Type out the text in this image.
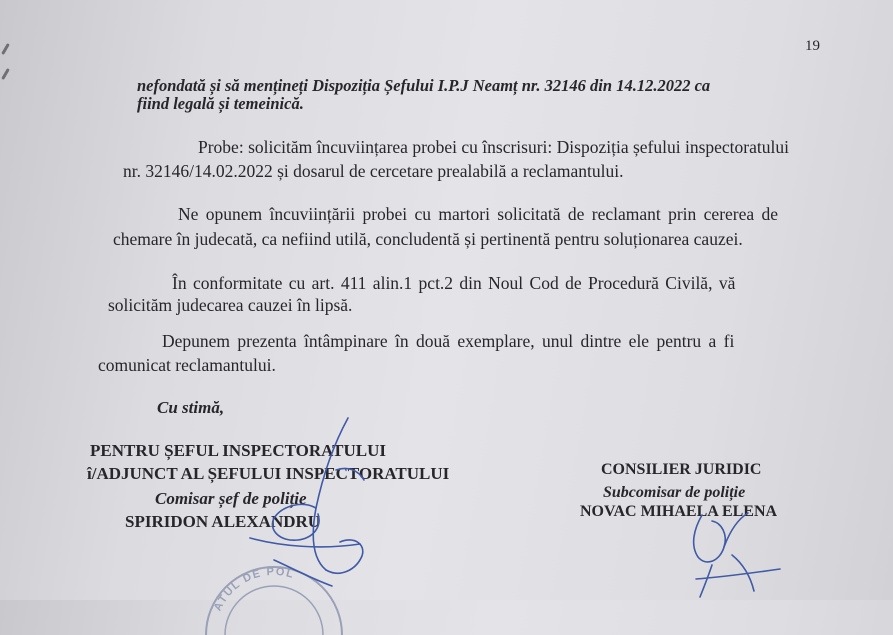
19
nefondată și să mențineți Dispoziția Șefului I.P.J Neamț nr. 32146 din 14.12.2022 ca
fiind legală și temeinică.
Probe: solicităm încuviințarea probei cu înscrisuri: Dispoziția șefului inspectoratului
nr. 32146/14.02.2022 și dosarul de cercetare prealabilă a reclamantului.
Ne opunem încuviințării probei cu martori solicitată de reclamant prin cererea de
chemare în judecată, ca nefiind utilă, concludentă și pertinentă pentru soluționarea cauzei.
În conformitate cu art. 411 alin.1 pct.2 din Noul Cod de Procedură Civilă, vă
solicităm judecarea cauzei în lipsă.
Depunem prezenta întâmpinare în două exemplare, unul dintre ele pentru a fi
comunicat reclamantului.
Cu stimă,
PENTRU ȘEFUL INSPECTORATULUI
î/ADJUNCT AL ȘEFULUI INSPECTORATULUI
Comisar șef de poliție
SPIRIDON ALEXANDRU
CONSILIER JURIDIC
Subcomisar de poliție
NOVAC MIHAELA ELENA
ATUL DE POL
